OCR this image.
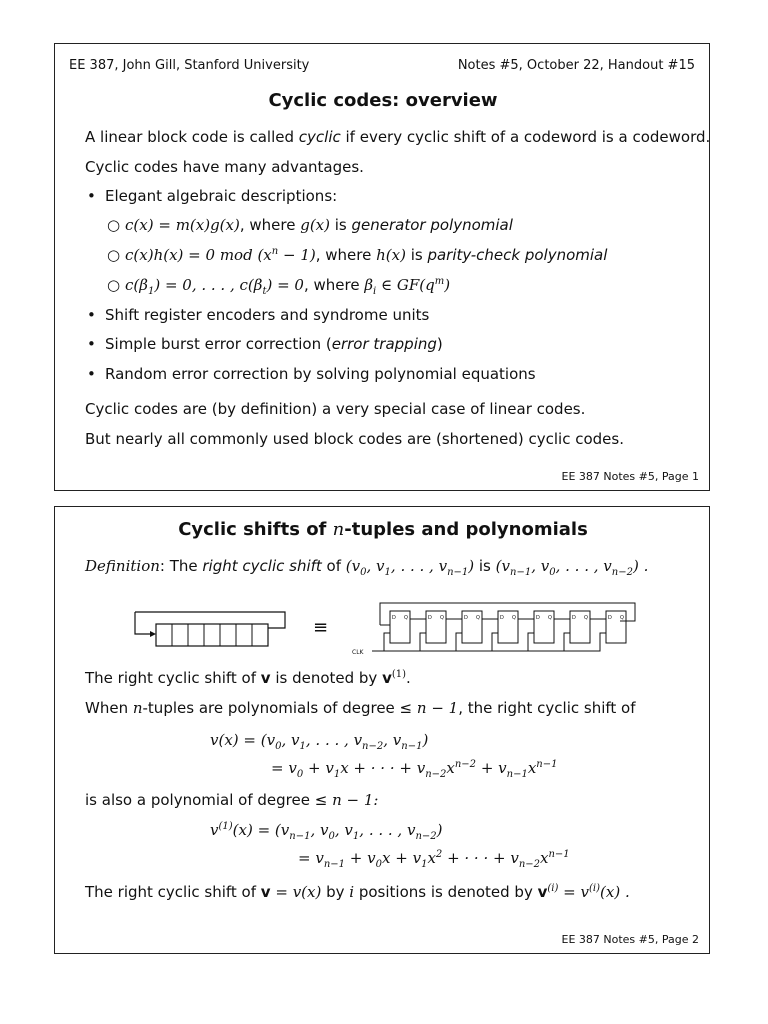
EE 387, John Gill, Stanford University	Notes #5, October 22, Handout #15
Cyclic codes: overview
A linear block code is called cyclic if every cyclic shift of a codeword is a codeword.
Cyclic codes have many advantages.
• Elegant algebraic descriptions:
○ c(x) = m(x)g(x), where g(x) is generator polynomial
○ c(x)h(x) = 0 mod $(x^n - 1)$, where h(x) is parity-check polynomial
○ $c(\beta_1) = 0$, . . . , $c(\beta_t) = 0$, where $\beta_i$ ∈ $GF(q^m)$
• Shift register encoders and syndrome units
• Simple burst error correction (error trapping)
• Random error correction by solving polynomial equations
Cyclic codes are (by definition) a very special case of linear codes.
But nearly all commonly used block codes are (shortened) cyclic codes.
EE 387 Notes #5, Page 1
Cyclic shifts of n-tuples and polynomials
Definition: The right cyclic shift of ($v_0$, $v_1$, . . . , $v_{n-1}$) is ($v_{n-1}$, $v_0$, . . . , $v_{n-2}$) .
≡	D Q	D Q	D Q	D Q	D Q	D Q	D Q
CLK
The right cyclic shift of v is denoted by $v^{(1)}$.
When n-tuples are polynomials of degree ≤ n − 1, the right cyclic shift of
$v(x) = (v_0$, $v_1$, . . . , $v_{n-2}$, $v_{n-1}$)
= $v_0 + v_1x$ + · · · + $v_{n-2}x^{n-2} + v_{n-1}x^{n-1}$
is also a polynomial of degree ≤ n − 1:
$v^{(1)}(x) = (v_{n-1}$, $v_0$, $v_1$, . . . , $v_{n-2}$)
= $v_{n-1} + v_0x + v_1x^2$ + · · · + $v_{n-2}x^{n-1}$
The right cyclic shift of v = v(x) by i positions is denoted by $v^{(i)} = v^{(i)}(x)$ .
EE 387 Notes #5, Page 2
